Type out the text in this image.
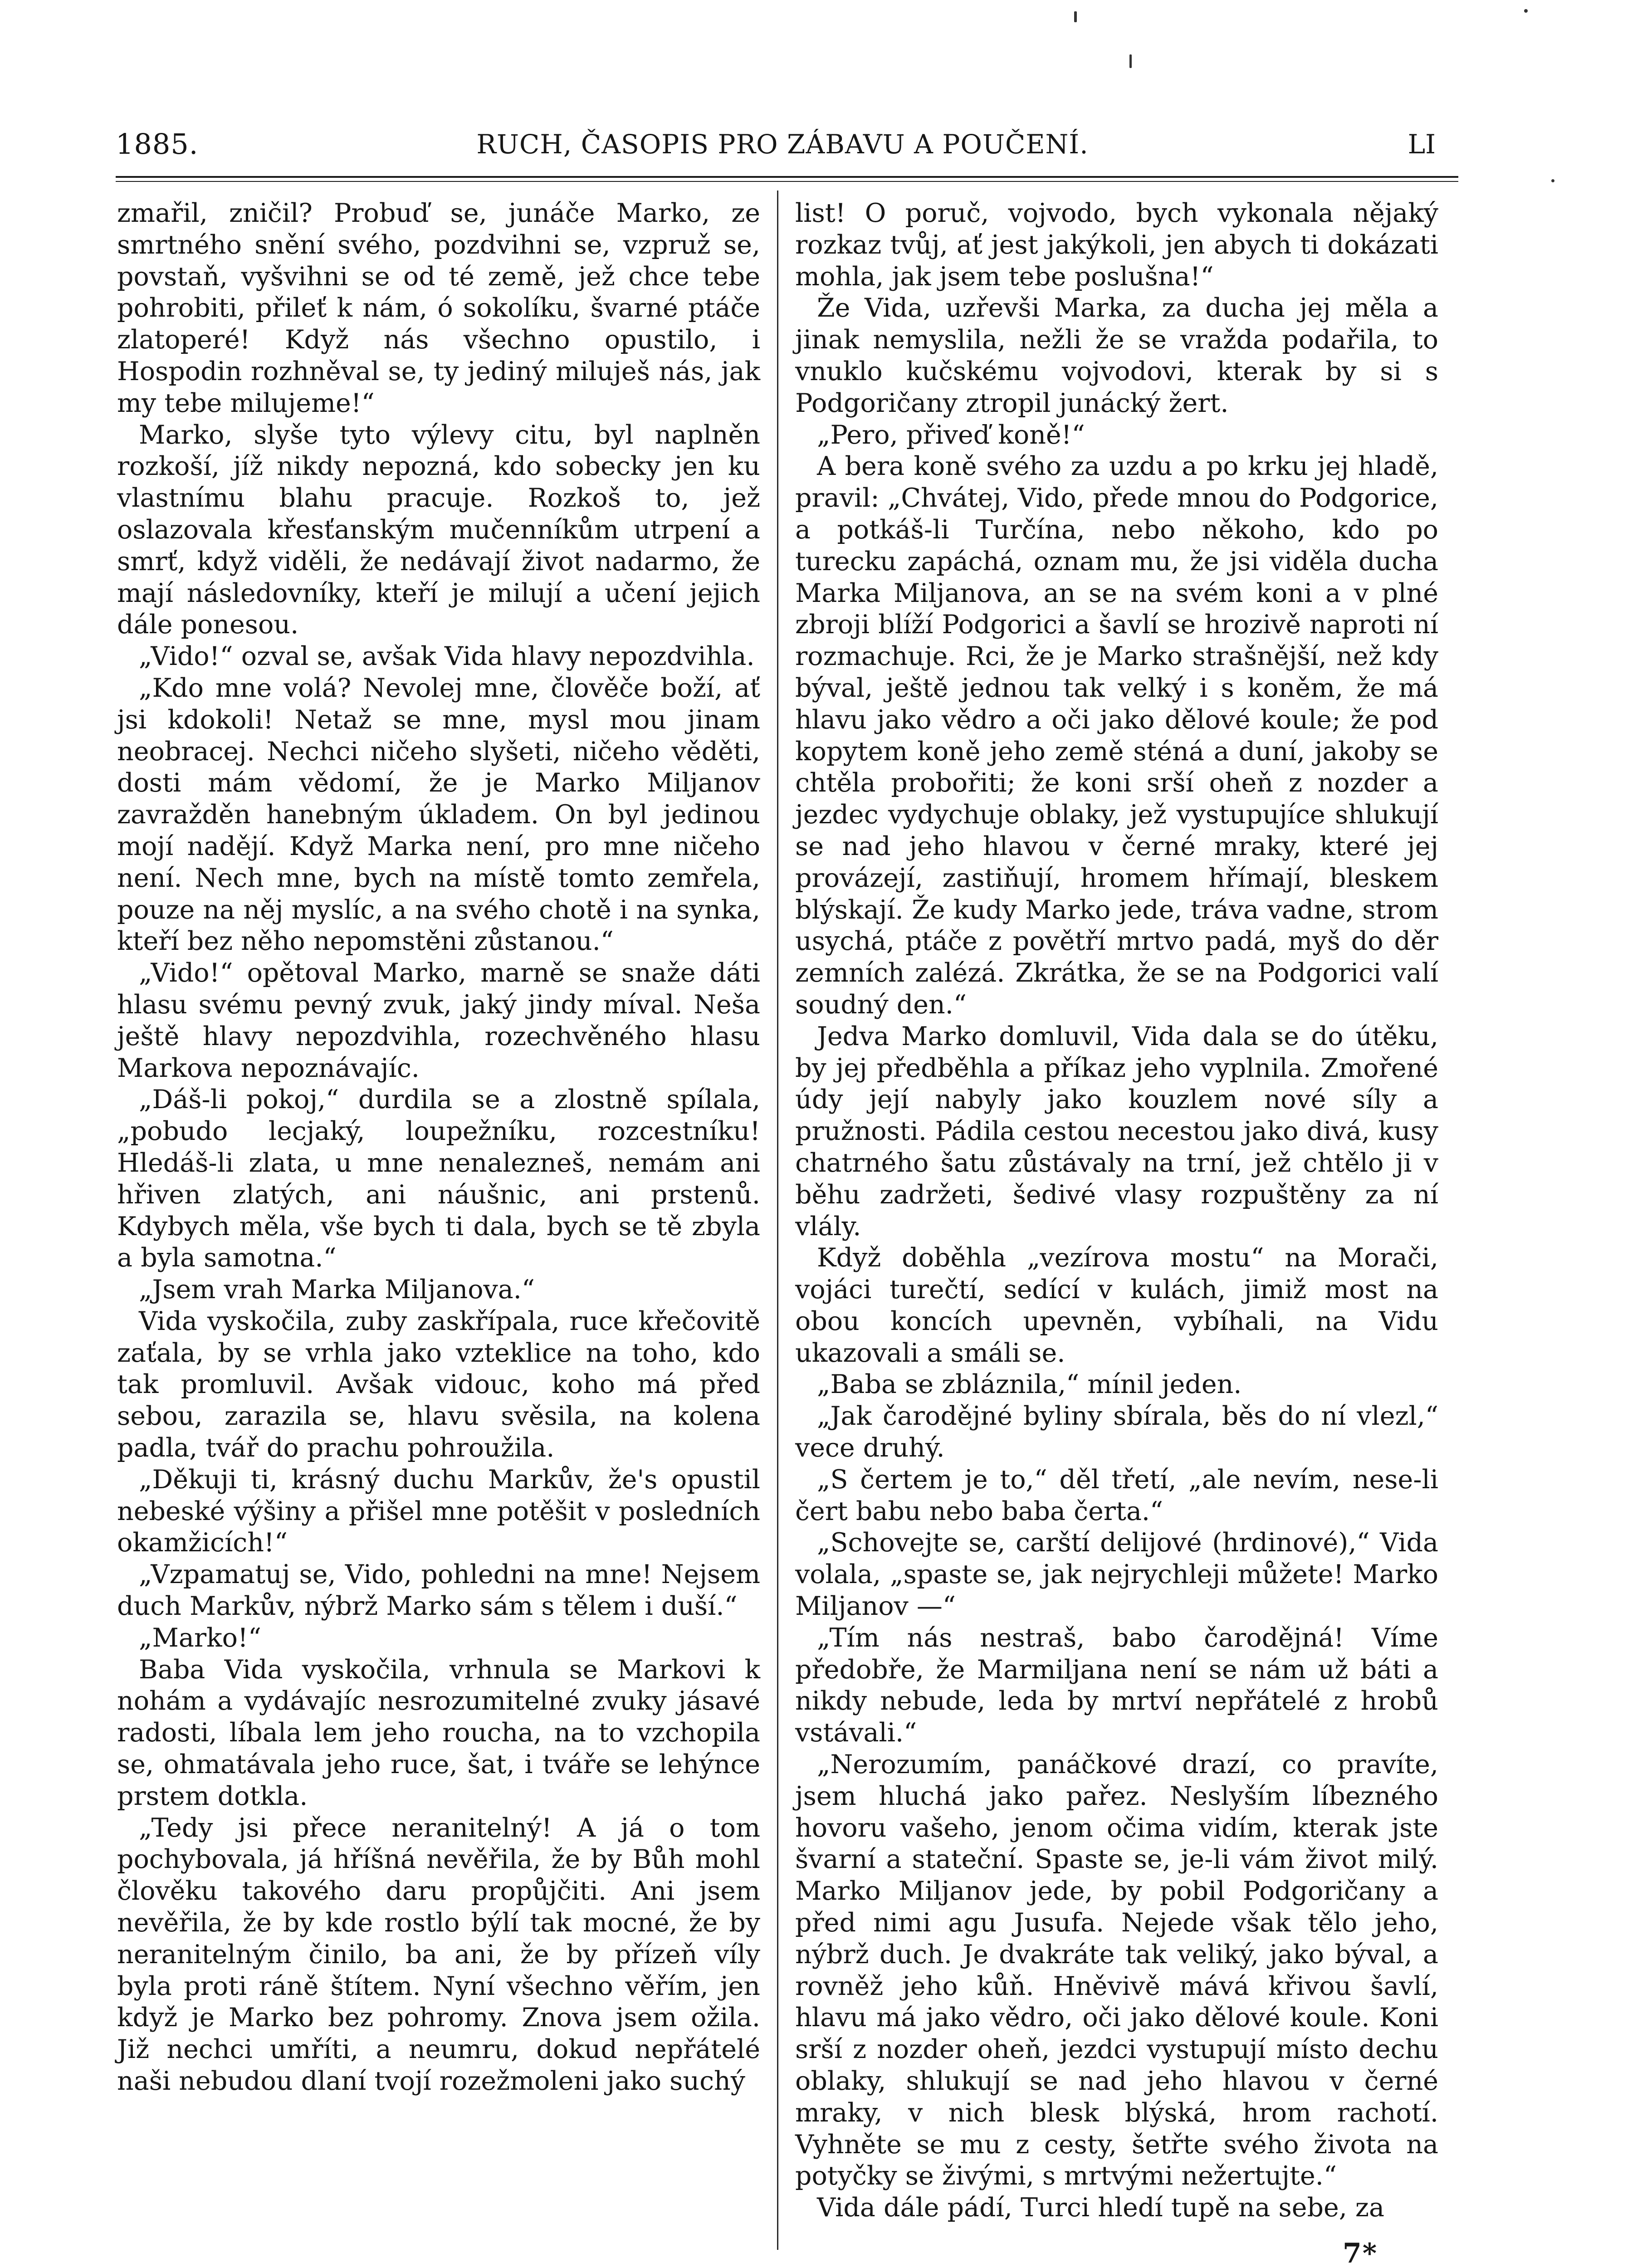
1885.	RUCH, ČASOPIS PRO ZÁBAVU A POUČENÍ.	LI

zmařil, zničil? Probuď se, junáče Marko, ze smrtného snění svého, pozdvihni se, vzpruž se, povstaň, vyšvihni se od té země, jež chce tebe pohrobiti, přileť k nám, ó sokolíku, švarné ptáče zlatoperé! Když nás všechno opustilo, i Hospodin rozhněval se, ty jediný miluješ nás, jak my tebe milujeme!“

Marko, slyše tyto výlevy citu, byl naplněn rozkoší, jíž nikdy nepozná, kdo sobecky jen ku vlastnímu blahu pracuje. Rozkoš to, jež oslazovala křesťanským mučenníkům utrpení a smrť, když viděli, že nedávají život nadarmo, že mají následovníky, kteří je milují a učení jejich dále ponesou.

„Vido!“ ozval se, avšak Vida hlavy nepozdvihla.

„Kdo mne volá? Nevolej mne, člověče boží, ať jsi kdokoli! Netaž se mne, mysl mou jinam neobracej. Nechci ničeho slyšeti, ničeho věděti, dosti mám vědomí, že je Marko Miljanov zavražděn hanebným úkladem. On byl jedinou mojí nadějí. Když Marka není, pro mne ničeho není. Nech mne, bych na místě tomto zemřela, pouze na něj myslíc, a na svého chotě i na synka, kteří bez něho nepomstěni zůstanou.“

„Vido!“ opětoval Marko, marně se snaže dáti hlasu svému pevný zvuk, jaký jindy míval. Neša ještě hlavy nepozdvihla, rozechvěného hlasu Markova nepoznávajíc.

„Dáš-li pokoj,“ durdila se a zlostně spílala, „pobudo lecjaký, loupežníku, rozcestníku! Hledáš-li zlata, u mne nenalezneš, nemám ani hřiven zlatých, ani náušnic, ani prstenů. Kdybych měla, vše bych ti dala, bych se tě zbyla a byla samotna.“

„Jsem vrah Marka Miljanova.“

Vida vyskočila, zuby zaskřípala, ruce křečovitě zaťala, by se vrhla jako vzteklice na toho, kdo tak promluvil. Avšak vidouc, koho má před sebou, zarazila se, hlavu svěsila, na kolena padla, tvář do prachu pohroužila.

„Děkuji ti, krásný duchu Markův, že's opustil nebeské výšiny a přišel mne potěšit v posledních okamžicích!“

„Vzpamatuj se, Vido, pohledni na mne! Nejsem duch Markův, nýbrž Marko sám s tělem i duší.“

„Marko!“

Baba Vida vyskočila, vrhnula se Markovi k nohám a vydávajíc nesrozumitelné zvuky jásavé radosti, líbala lem jeho roucha, na to vzchopila se, ohmatávala jeho ruce, šat, i tváře se lehýnce prstem dotkla.

„Tedy jsi přece neranitelný! A já o tom pochybovala, já hříšná nevěřila, že by Bůh mohl člověku takového daru propůjčiti. Ani jsem nevěřila, že by kde rostlo býlí tak mocné, že by neranitelným činilo, ba ani, že by přízeň víly byla proti ráně štítem. Nyní všechno věřím, jen když je Marko bez pohromy. Znova jsem ožila. Již nechci umříti, a neumru, dokud nepřátelé naši nebudou dlaní tvojí rozežmoleni jako suchý

list! O poruč, vojvodo, bych vykonala nějaký rozkaz tvůj, ať jest jakýkoli, jen abych ti dokázati mohla, jak jsem tebe poslušna!“

Že Vida, uzřevši Marka, za ducha jej měla a jinak nemyslila, nežli že se vražda podařila, to vnuklo kučskému vojvodovi, kterak by si s Podgoričany ztropil junácký žert.

„Pero, přiveď koně!“

A bera koně svého za uzdu a po krku jej hladě, pravil: „Chvátej, Vido, přede mnou do Podgorice, a potkáš-li Turčína, nebo někoho, kdo po turecku zapáchá, oznam mu, že jsi viděla ducha Marka Miljanova, an se na svém koni a v plné zbroji blíží Podgorici a šavlí se hrozivě naproti ní rozmachuje. Rci, že je Marko strašnější, než kdy býval, ještě jednou tak velký i s koněm, že má hlavu jako vědro a oči jako dělové koule; že pod kopytem koně jeho země sténá a duní, jakoby se chtěla probořiti; že koni srší oheň z nozder a jezdec vydychuje oblaky, jež vystupujíce shlukují se nad jeho hlavou v černé mraky, které jej provázejí, zastiňují, hromem hřímají, bleskem blýskají. Že kudy Marko jede, tráva vadne, strom usychá, ptáče z povětří mrtvo padá, myš do děr zemních zalézá. Zkrátka, že se na Podgorici valí soudný den.“

Jedva Marko domluvil, Vida dala se do útěku, by jej předběhla a příkaz jeho vyplnila. Zmořené údy její nabyly jako kouzlem nové síly a pružnosti. Pádila cestou necestou jako divá, kusy chatrného šatu zůstávaly na trní, jež chtělo ji v běhu zadržeti, šedivé vlasy rozpuštěny za ní vlály.

Když doběhla „vezírova mostu“ na Morači, vojáci turečtí, sedící v kulách, jimiž most na obou koncích upevněn, vybíhali, na Vidu ukazovali a smáli se.

„Baba se zbláznila,“ mínil jeden.

„Jak čarodějné byliny sbírala, běs do ní vlezl,“ vece druhý.

„S čertem je to,“ děl třetí, „ale nevím, nese-li čert babu nebo baba čerta.“

„Schovejte se, carští delijové (hrdinové),“ Vida volala, „spaste se, jak nejrychleji můžete! Marko Miljanov —“

„Tím nás nestraš, babo čarodějná! Víme předobře, že Marmiljana není se nám už báti a nikdy nebude, leda by mrtví nepřátelé z hrobů vstávali.“

„Nerozumím, panáčkové drazí, co pravíte, jsem hluchá jako pařez. Neslyším líbezného hovoru vašeho, jenom očima vidím, kterak jste švarní a stateční. Spaste se, je-li vám život milý. Marko Miljanov jede, by pobil Podgoričany a před nimi agu Jusufa. Nejede však tělo jeho, nýbrž duch. Je dvakráte tak veliký, jako býval, a rovněž jeho kůň. Hněvivě mává křivou šavlí, hlavu má jako vědro, oči jako dělové koule. Koni srší z nozder oheň, jezdci vystupují místo dechu oblaky, shlukují se nad jeho hlavou v černé mraky, v nich blesk blýská, hrom rachotí. Vyhněte se mu z cesty, šetřte svého života na potyčky se živými, s mrtvými nežertujte.“

Vida dále pádí, Turci hledí tupě na sebe, za

7*
